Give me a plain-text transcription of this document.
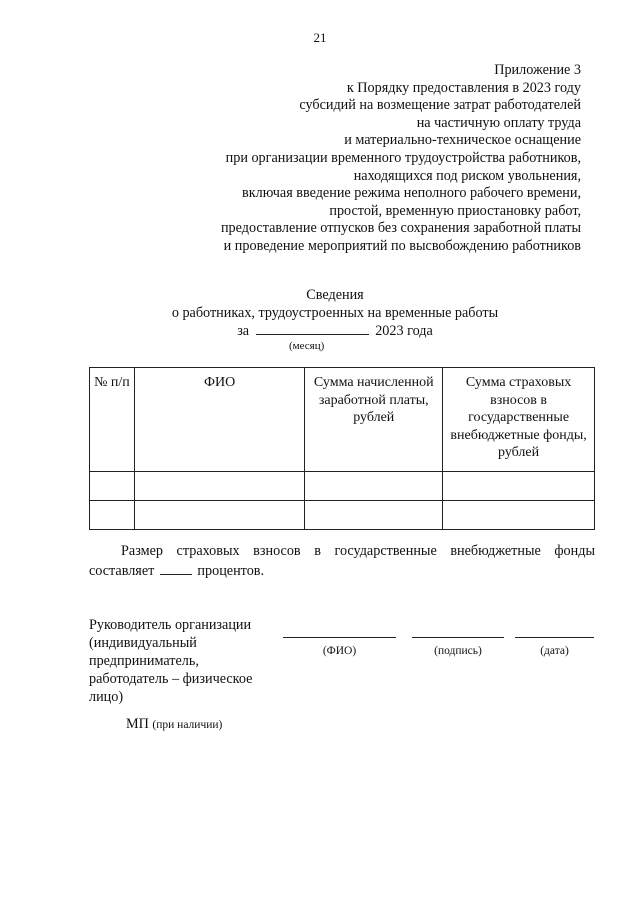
21
Приложение 3
к Порядку предоставления в 2023 году
субсидий на возмещение затрат работодателей
на частичную оплату труда
и материально-техническое оснащение
при организации временного трудоустройства работников,
находящихся под риском увольнения,
включая введение режима неполного рабочего времени,
простой, временную приостановку работ,
предоставление отпусков без сохранения заработной платы
и проведение мероприятий по высвобождению работников
Сведения
о работниках, трудоустроенных на временные работы
за	2023 года
(месяц)
№ п/п	ФИО	Сумма начисленной заработной платы, рублей	Сумма страховых взносов в государственные внебюджетные фонды, рублей

Размер страховых взносов в государственные внебюджетные фонды

составляет	процентов.

Руководитель организации
(индивидуальный
предприниматель,
работодатель – физическое
лицо)
(ФИО)	(подпись)	(дата)
МП (при наличии)
